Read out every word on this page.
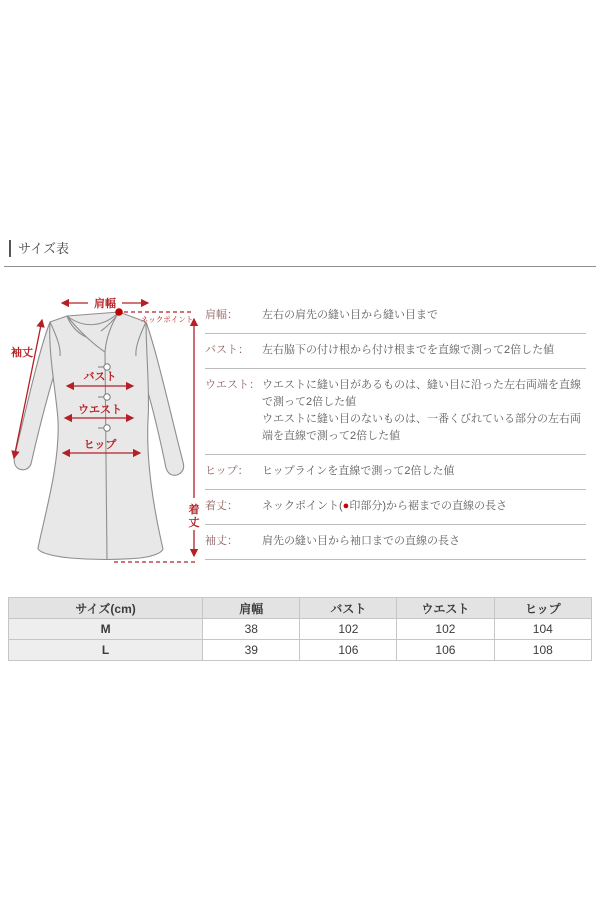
サイズ表
肩幅
ネックポイント
袖丈
バスト
ウエスト
ヒップ
着
丈
肩幅：	左右の肩先の縫い目から縫い目まで
バスト：	左右脇下の付け根から付け根までを直線で測って2倍した値
ウエスト： ウエストに縫い目があるものは、縫い目に沿った左右両端を直線で測って2倍した値
ウエストに縫い目のないものは、一番くびれている部分の左右両端を直線で測って2倍した値
ヒップ：	ヒップラインを直線で測って2倍した値
着丈：	ネックポイント(●印部分)から裾までの直線の長さ
袖丈：	肩先の縫い目から袖口までの直線の長さ
サイズ(cm)	肩幅	バスト	ウエスト	ヒップ
M	38	102	102	104
L	39	106	106	108
